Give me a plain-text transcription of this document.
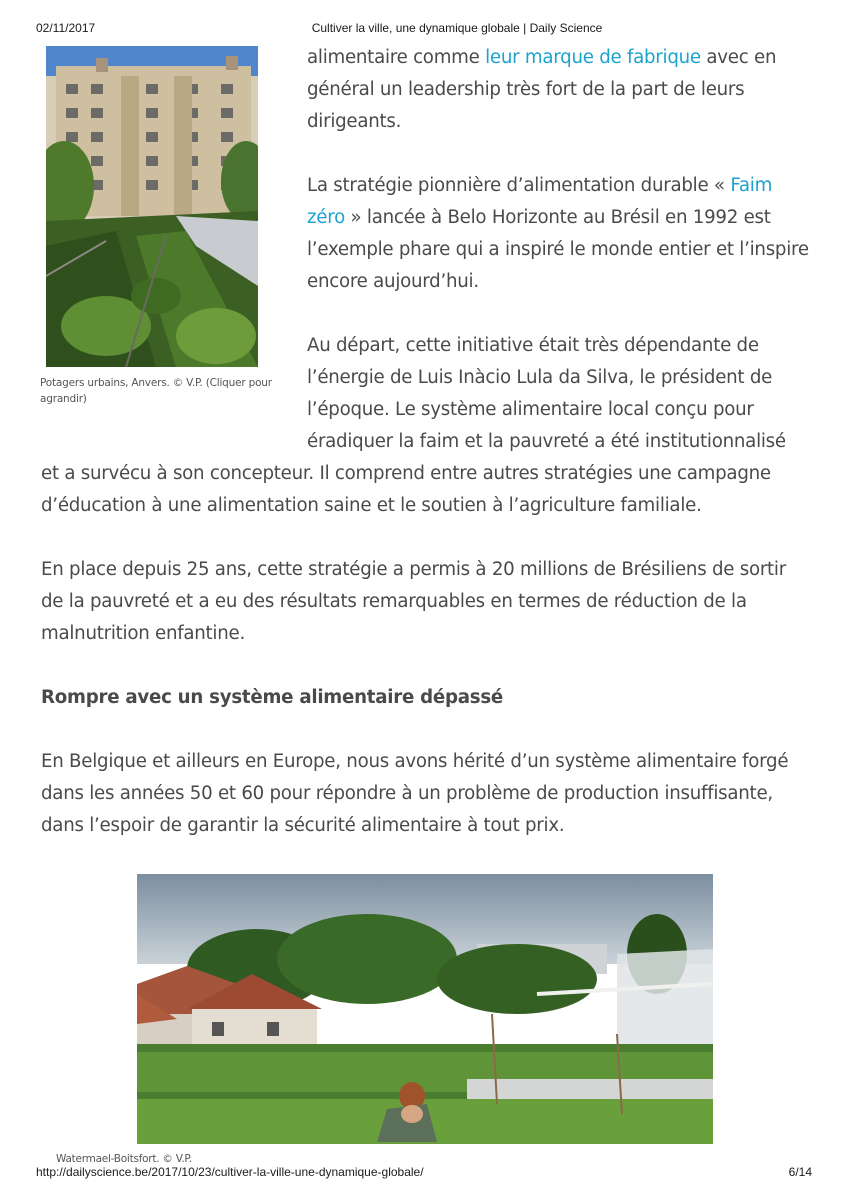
02/11/2017	Cultiver la ville, une dynamique globale | Daily Science
Potagers urbains, Anvers. © V.P. (Cliquer pour agrandir)

alimentaire comme leur marque de fabrique avec en général un leadership très fort de la part de leurs dirigeants.

La stratégie pionnière d’alimentation durable « Faim zéro » lancée à Belo Horizonte au Brésil en 1992 est l’exemple phare qui a inspiré le monde entier et l’inspire encore aujourd’hui.

Au départ, cette initiative était très dépendante de l’énergie de Luis Inàcio Lula da Silva, le président de l’époque. Le système alimentaire local conçu pour éradiquer la faim et la pauvreté a été institutionnalisé et a survécu à son concepteur. Il comprend entre autres stratégies une campagne d’éducation à une alimentation saine et le soutien à l’agriculture familiale.

En place depuis 25 ans, cette stratégie a permis à 20 millions de Brésiliens de sortir de la pauvreté et a eu des résultats remarquables en termes de réduction de la malnutrition enfantine.

Rompre avec un système alimentaire dépassé

En Belgique et ailleurs en Europe, nous avons hérité d’un système alimentaire forgé dans les années 50 et 60 pour répondre à un problème de production insuffisante, dans l’espoir de garantir la sécurité alimentaire à tout prix.

Watermael-Boitsfort. © V.P.
http://dailyscience.be/2017/10/23/cultiver-la-ville-une-dynamique-globale/	6/14
